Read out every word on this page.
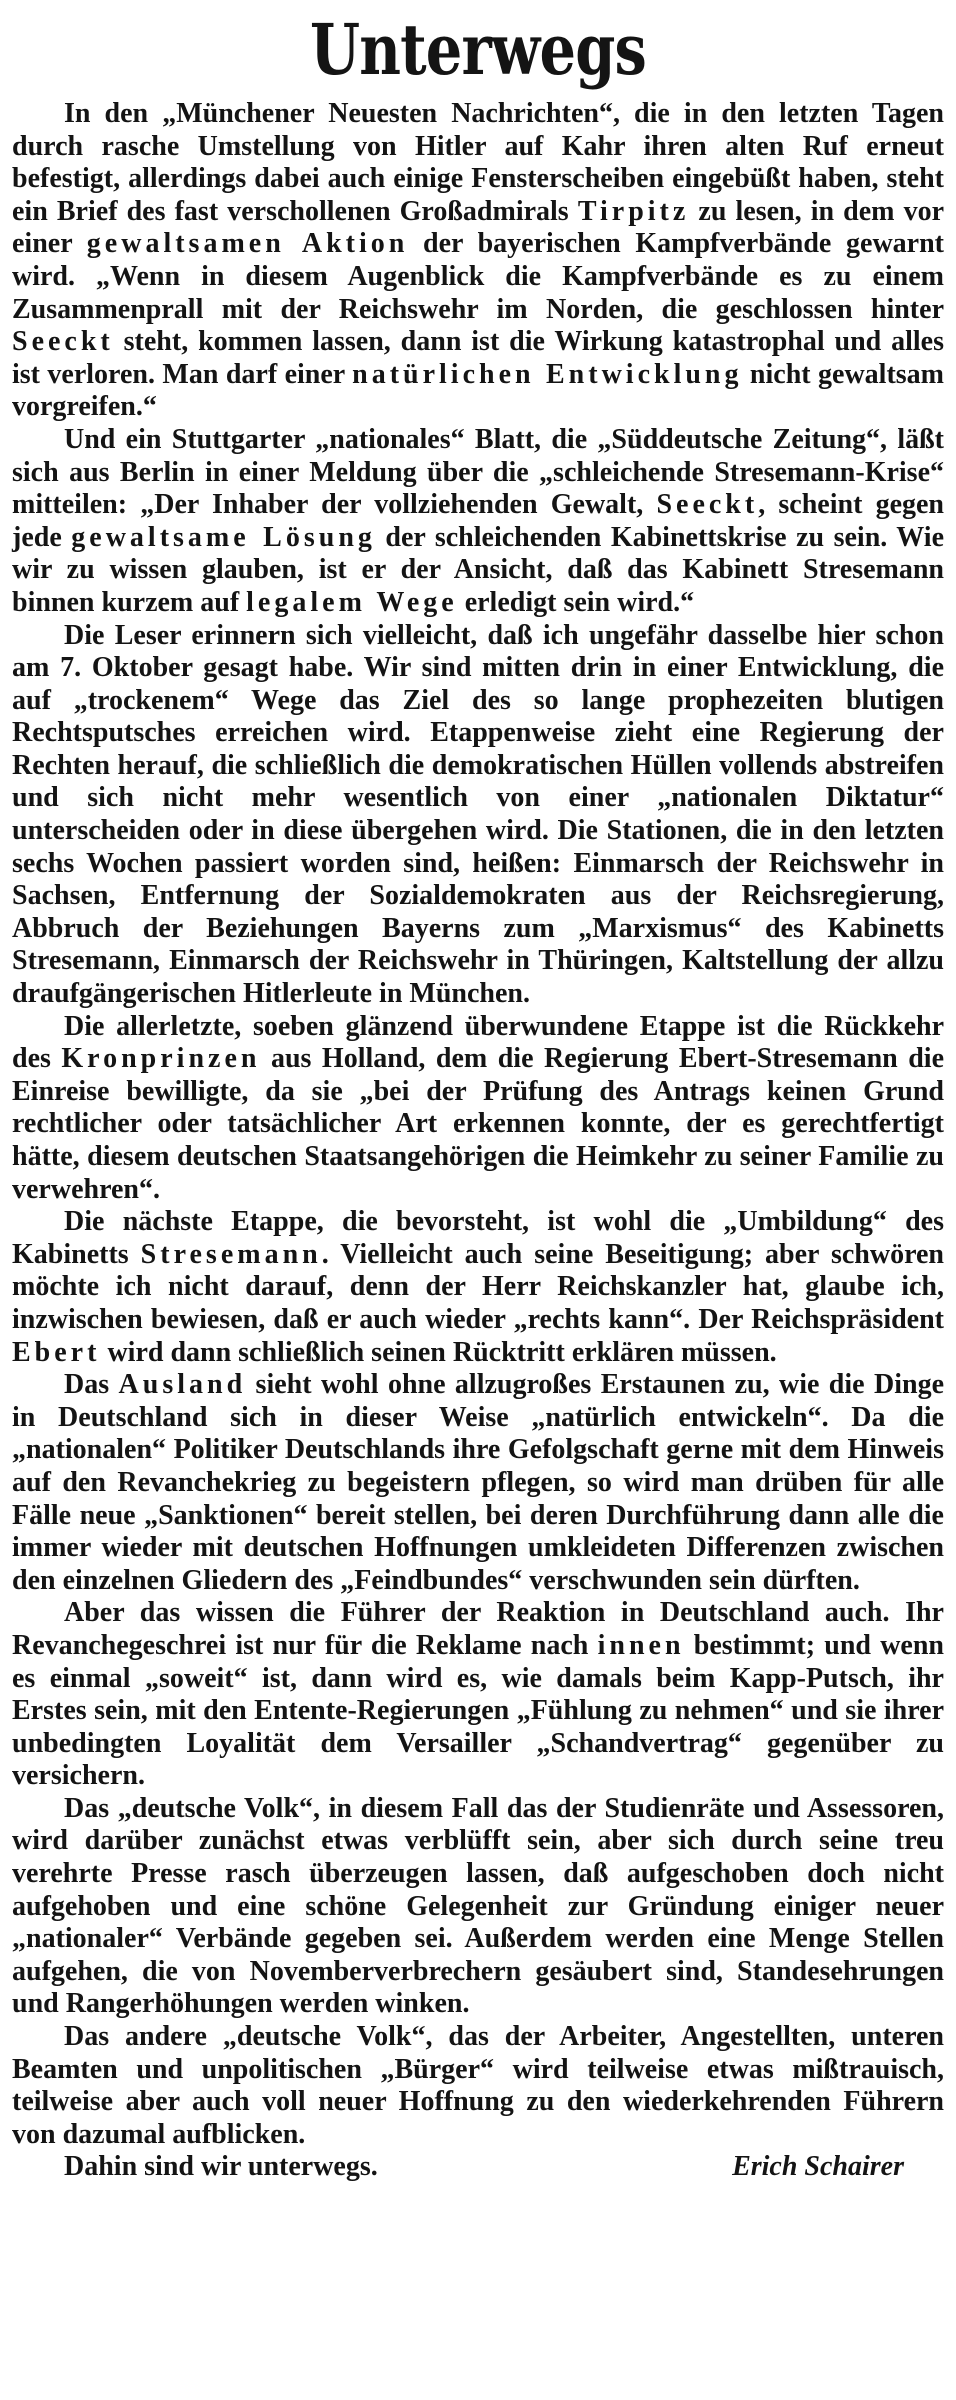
Unterwegs

In den „Münchener Neuesten Nachrichten“, die in den letzten Tagen durch rasche Umstellung von Hitler auf Kahr ihren alten Ruf erneut befestigt, allerdings dabei auch einige Fensterscheiben eingebüßt haben, steht ein Brief des fast verschollenen Großadmirals Tirpitz zu lesen, in dem vor einer gewaltsamen Aktion der bayerischen Kampfverbände gewarnt wird. „Wenn in diesem Augenblick die Kampfverbände es zu einem Zusammenprall mit der Reichswehr im Norden, die geschlossen hinter Seeckt steht, kommen lassen, dann ist die Wirkung katastrophal und alles ist verloren. Man darf einer natürlichen Entwicklung nicht gewaltsam vorgreifen.“

Und ein Stuttgarter „nationales“ Blatt, die „Süddeutsche Zeitung“, läßt sich aus Berlin in einer Meldung über die „schleichende Stresemann-Krise“ mitteilen: „Der Inhaber der vollziehenden Gewalt, Seeckt, scheint gegen jede gewaltsame Lösung der schleichenden Kabinettskrise zu sein. Wie wir zu wissen glauben, ist er der Ansicht, daß das Kabinett Stresemann binnen kurzem auf legalem Wege erledigt sein wird.“

Die Leser erinnern sich vielleicht, daß ich ungefähr dasselbe hier schon am 7. Oktober gesagt habe. Wir sind mitten drin in einer Entwicklung, die auf „trockenem“ Wege das Ziel des so lange prophezeiten blutigen Rechtsputsches erreichen wird. Etappenweise zieht eine Regierung der Rechten herauf, die schließlich die demokratischen Hüllen vollends abstreifen und sich nicht mehr wesentlich von einer „nationalen Diktatur“ unterscheiden oder in diese übergehen wird. Die Stationen, die in den letzten sechs Wochen passiert worden sind, heißen: Einmarsch der Reichswehr in Sachsen, Entfernung der Sozialdemokraten aus der Reichsregierung, Abbruch der Beziehungen Bayerns zum „Marxismus“ des Kabinetts Stresemann, Einmarsch der Reichswehr in Thüringen, Kaltstellung der allzu draufgängerischen Hitlerleute in München.

Die allerletzte, soeben glänzend überwundene Etappe ist die Rückkehr des Kronprinzen aus Holland, dem die Regierung Ebert-Stresemann die Einreise bewilligte, da sie „bei der Prüfung des Antrags keinen Grund rechtlicher oder tatsächlicher Art erkennen konnte, der es gerechtfertigt hätte, diesem deutschen Staatsangehörigen die Heimkehr zu seiner Familie zu verwehren“.

Die nächste Etappe, die bevorsteht, ist wohl die „Umbildung“ des Kabinetts Stresemann. Vielleicht auch seine Beseitigung; aber schwören möchte ich nicht darauf, denn der Herr Reichskanzler hat, glaube ich, inzwischen bewiesen, daß er auch wieder „rechts kann“. Der Reichspräsident Ebert wird dann schließlich seinen Rücktritt erklären müssen.

Das Ausland sieht wohl ohne allzugroßes Erstaunen zu, wie die Dinge in Deutschland sich in dieser Weise „natürlich entwickeln“. Da die „nationalen“ Politiker Deutschlands ihre Gefolgschaft gerne mit dem Hinweis auf den Revanchekrieg zu begeistern pflegen, so wird man drüben für alle Fälle neue „Sanktionen“ bereit stellen, bei deren Durchführung dann alle die immer wieder mit deutschen Hoffnungen umkleideten Differenzen zwischen den einzelnen Gliedern des „Feindbundes“ verschwunden sein dürften.

Aber das wissen die Führer der Reaktion in Deutschland auch. Ihr Revanchegeschrei ist nur für die Reklame nach innen bestimmt; und wenn es einmal „soweit“ ist, dann wird es, wie damals beim Kapp-Putsch, ihr Erstes sein, mit den Entente-Regierungen „Fühlung zu nehmen“ und sie ihrer unbedingten Loyalität dem Versailler „Schandvertrag“ gegenüber zu versichern.

Das „deutsche Volk“, in diesem Fall das der Studienräte und Assessoren, wird darüber zunächst etwas verblüfft sein, aber sich durch seine treu verehrte Presse rasch überzeugen lassen, daß aufgeschoben doch nicht aufgehoben und eine schöne Gelegenheit zur Gründung einiger neuer „nationaler“ Verbände gegeben sei. Außerdem werden eine Menge Stellen aufgehen, die von Novemberverbrechern gesäubert sind, Standesehrungen und Rangerhöhungen werden winken.

Das andere „deutsche Volk“, das der Arbeiter, Angestellten, unteren Beamten und unpolitischen „Bürger“ wird teilweise etwas mißtrauisch, teilweise aber auch voll neuer Hoffnung zu den wiederkehrenden Führern von dazumal aufblicken.

Dahin sind wir unterwegs.	Erich Schairer
